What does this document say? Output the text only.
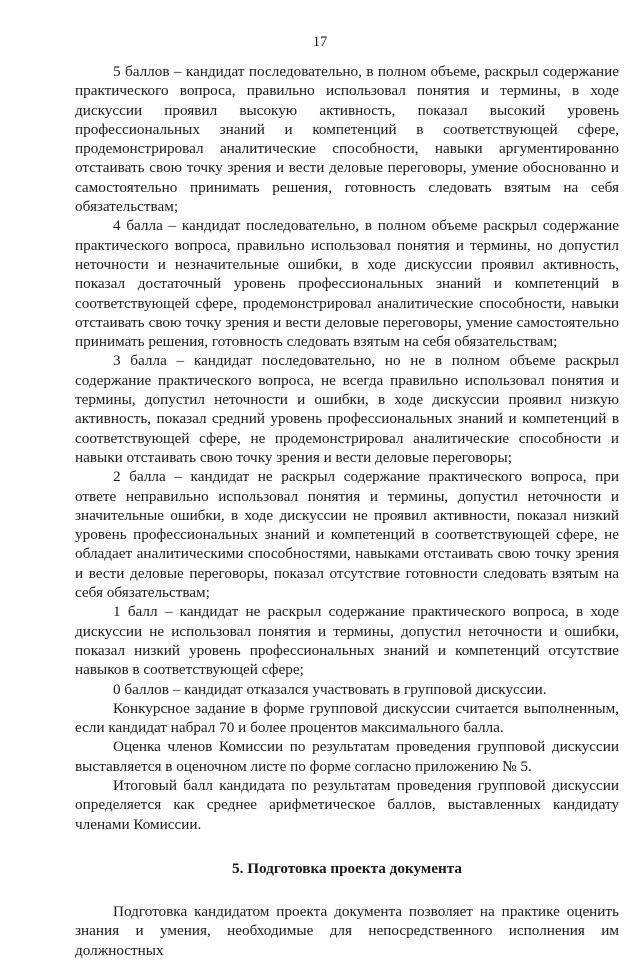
17

5 баллов – кандидат последовательно, в полном объеме, раскрыл содержание практического вопроса, правильно использовал понятия и термины, в ходе дискуссии проявил высокую активность, показал высокий уровень профессиональных знаний и компетенций в соответствующей сфере, продемонстрировал аналитические способности, навыки аргументированно отстаивать свою точку зрения и вести деловые переговоры, умение обоснованно и самостоятельно принимать решения, готовность следовать взятым на себя обязательствам;

4 балла – кандидат последовательно, в полном объеме раскрыл содержание практического вопроса, правильно использовал понятия и термины, но допустил неточности и незначительные ошибки, в ходе дискуссии проявил активность, показал достаточный уровень профессиональных знаний и компетенций в соответствующей сфере, продемонстрировал аналитические способности, навыки отстаивать свою точку зрения и вести деловые переговоры, умение самостоятельно принимать решения, готовность следовать взятым на себя обязательствам;

3 балла – кандидат последовательно, но не в полном объеме раскрыл содержание практического вопроса, не всегда правильно использовал понятия и термины, допустил неточности и ошибки, в ходе дискуссии проявил низкую активность, показал средний уровень профессиональных знаний и компетенций в соответствующей сфере, не продемонстрировал аналитические способности и навыки отстаивать свою точку зрения и вести деловые переговоры;

2 балла – кандидат не раскрыл содержание практического вопроса, при ответе неправильно использовал понятия и термины, допустил неточности и значительные ошибки, в ходе дискуссии не проявил активности, показал низкий уровень профессиональных знаний и компетенций в соответствующей сфере, не обладает аналитическими способностями, навыками отстаивать свою точку зрения и вести деловые переговоры, показал отсутствие готовности следовать взятым на себя обязательствам;

1 балл – кандидат не раскрыл содержание практического вопроса, в ходе дискуссии не использовал понятия и термины, допустил неточности и ошибки, показал низкий уровень профессиональных знаний и компетенций отсутствие навыков в соответствующей сфере;

0 баллов – кандидат отказался участвовать в групповой дискуссии.

Конкурсное задание в форме групповой дискуссии считается выполненным, если кандидат набрал 70 и более процентов максимального балла.

Оценка членов Комиссии по результатам проведения групповой дискуссии выставляется в оценочном листе по форме согласно приложению № 5.

Итоговый балл кандидата по результатам проведения групповой дискуссии определяется как среднее арифметическое баллов, выставленных кандидату членами Комиссии.

5. Подготовка проекта документа

Подготовка кандидатом проекта документа позволяет на практике оценить знания и умения, необходимые для непосредственного исполнения им должностных
